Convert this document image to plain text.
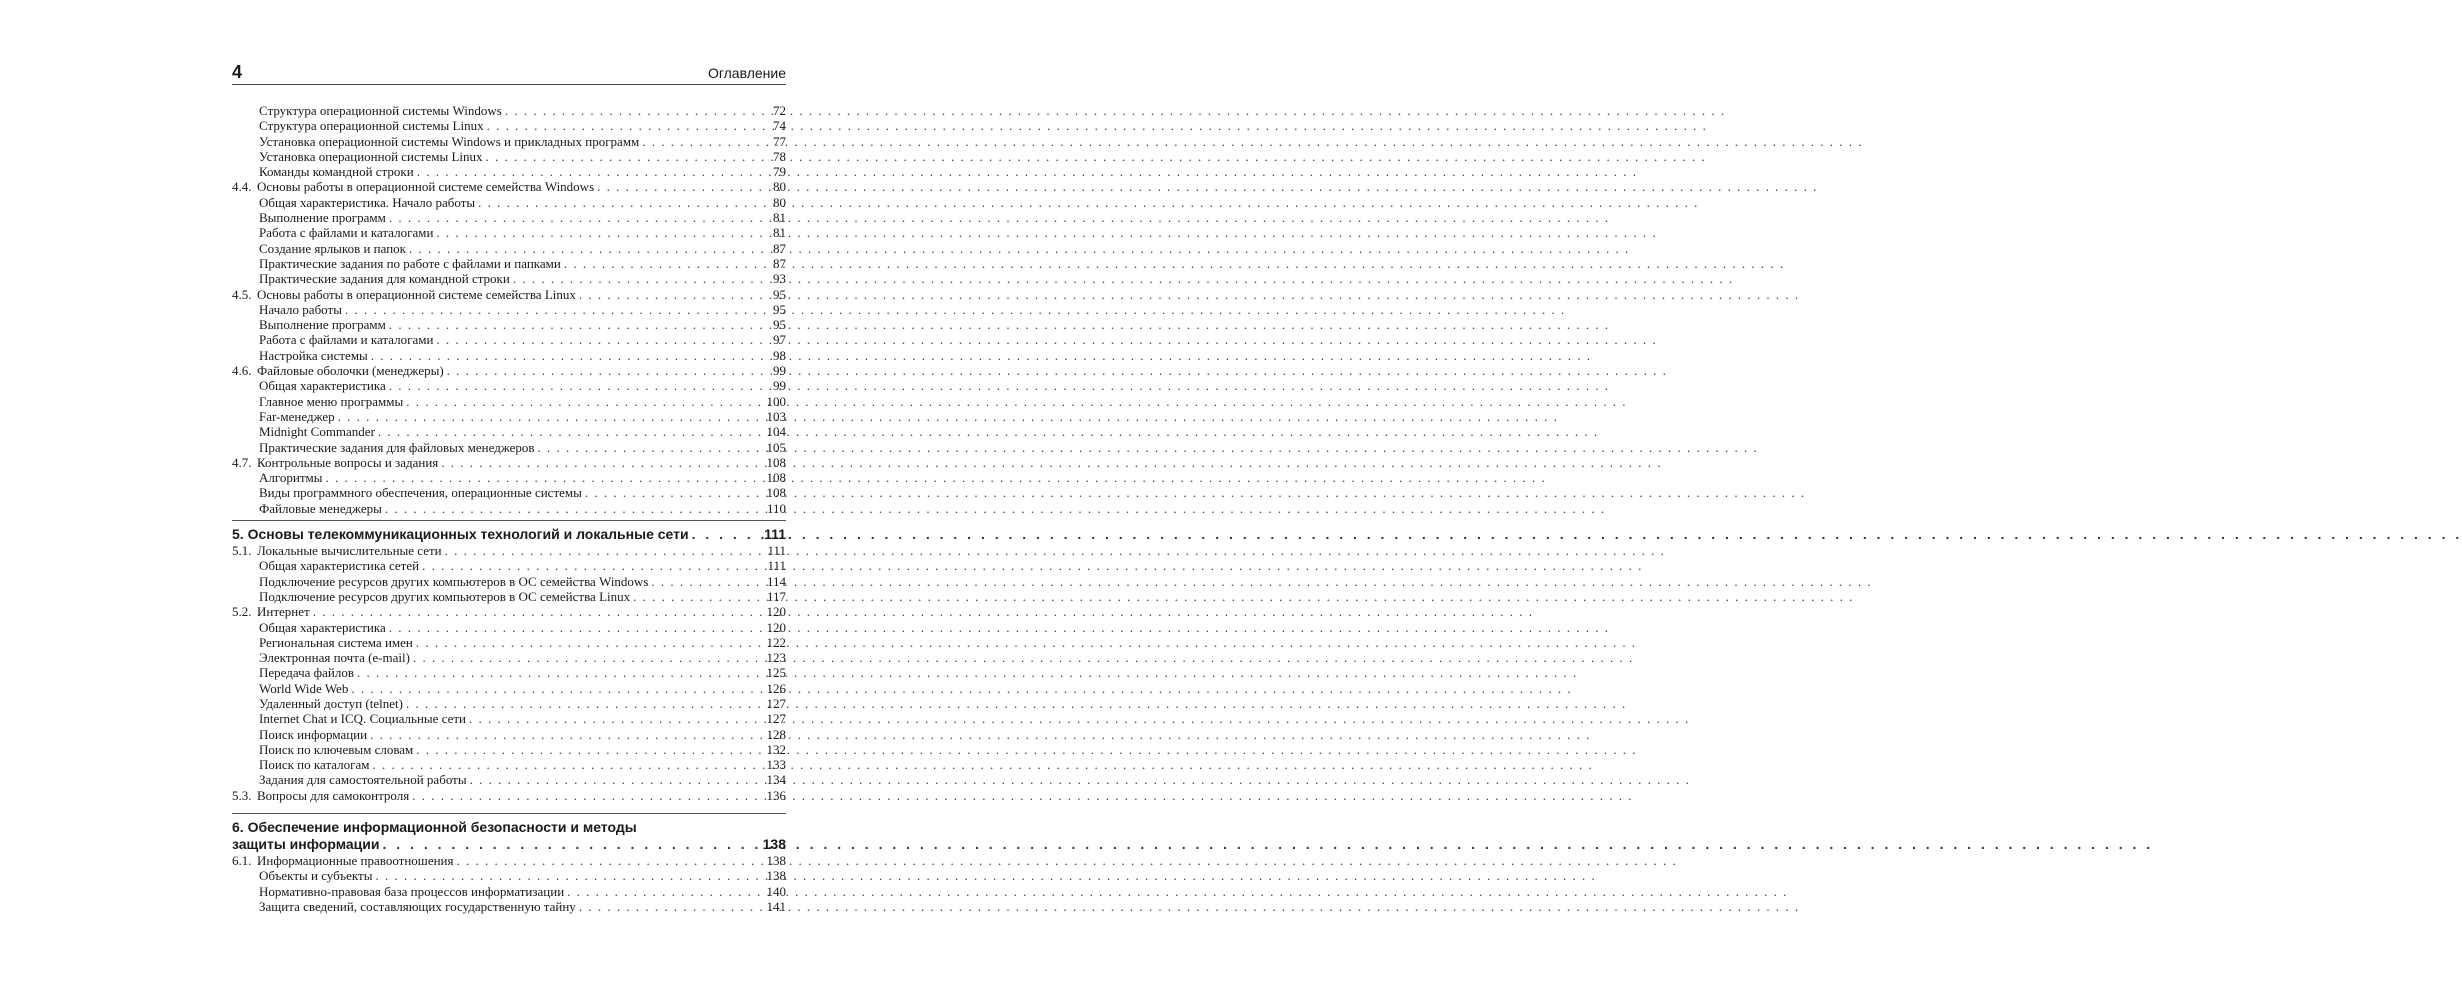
4	Оглавление
Структура операционной системы Windows . . .	72
Структура операционной системы Linux . . .	74
Установка операционной системы Windows и прикладных программ . . .	77
Установка операционной системы Linux . . .	78
Команды командной строки . . .	79
4.4. Основы работы в операционной системе семейства Windows . . .	80
Общая характеристика. Начало работы . . .	80
Выполнение программ . . .	81
Работа с файлами и каталогами . . .	81
Создание ярлыков и папок . . .	87
Практические задания по работе с файлами и папками . . .	87
Практические задания для командной строки . . .	93
4.5. Основы работы в операционной системе семейства Linux . . .	95
Начало работы . . .	95
Выполнение программ . . .	95
Работа с файлами и каталогами . . .	97
Настройка системы . . .	98
4.6. Файловые оболочки (менеджеры) . . .	99
Общая характеристика . . .	99
Главное меню программы . . .	100
Far-менеджер . . .	103
Midnight Commander . . .	104
Практические задания для файловых менеджеров . . .	105
4.7. Контрольные вопросы и задания . . .	108
Алгоритмы . . .	108
Виды программного обеспечения, операционные системы . . .	108
Файловые менеджеры . . .	110
5. Основы телекоммуникационных технологий и локальные сети . . .	111
5.1. Локальные вычислительные сети . . .	111
Общая характеристика сетей . . .	111
Подключение ресурсов других компьютеров в ОС семейства Windows . . .	114
Подключение ресурсов других компьютеров в ОС семейства Linux . . .	117
5.2. Интернет . . .	120
Общая характеристика . . .	120
Региональная система имен . . .	122
Электронная почта (e-mail) . . .	123
Передача файлов . . .	125
World Wide Web . . .	126
Удаленный доступ (telnet) . . .	127
Internet Chat и ICQ. Социальные сети . . .	127
Поиск информации . . .	128
Поиск по ключевым словам . . .	132
Поиск по каталогам . . .	133
Задания для самостоятельной работы . . .	134
5.3. Вопросы для самоконтроля . . .	136
6. Обеспечение информационной безопасности и методы
защиты информации . . .	138
6.1. Информационные правоотношения . . .	138
Объекты и субъекты . . .	138
Нормативно-правовая база процессов информатизации . . .	140
Защита сведений, составляющих государственную тайну . . .	141
